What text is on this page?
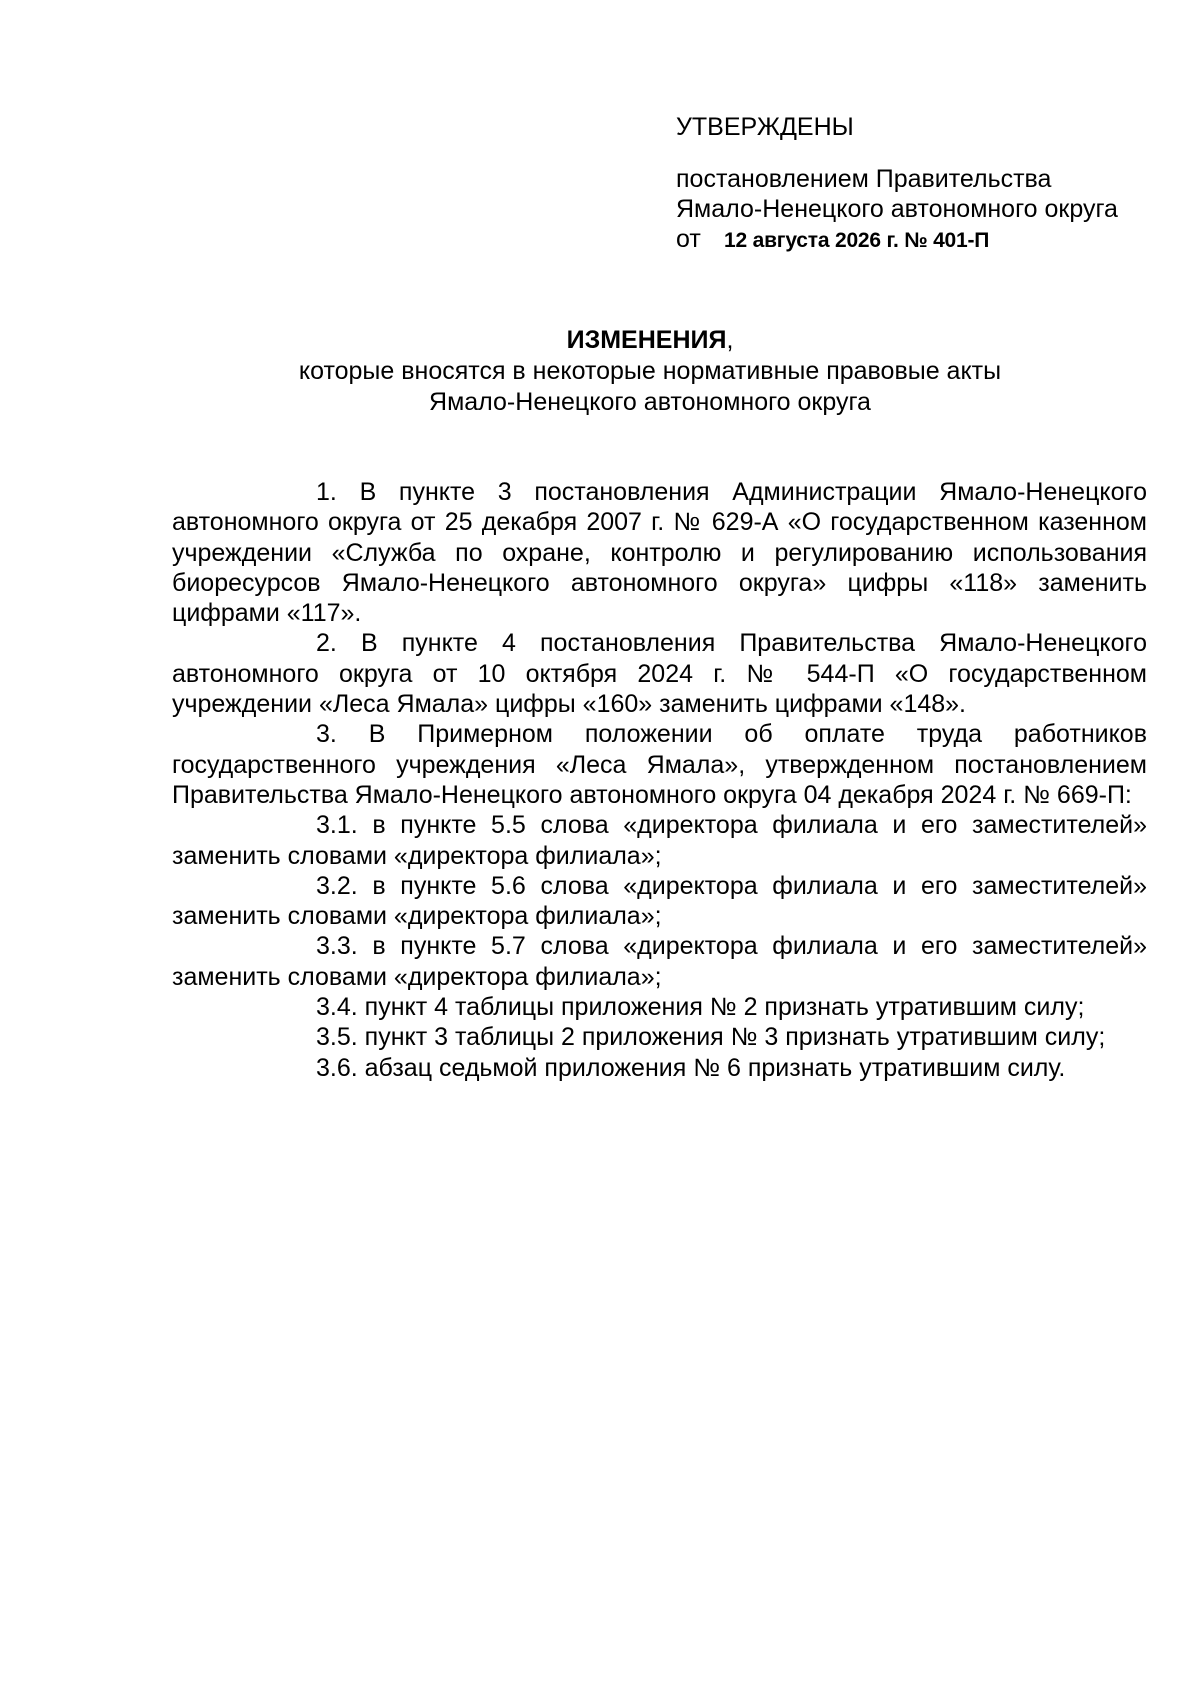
УТВЕРЖДЕНЫ

постановлением Правительства

Ямало-Ненецкого автономного округа

от 12 августа 2026 г. № 401-П

ИЗМЕНЕНИЯ,

которые вносятся в некоторые нормативные правовые акты

Ямало-Ненецкого автономного округа

1. В пункте 3 постановления Администрации Ямало-Ненецкого автономного округа от 25 декабря 2007 г. № 629-А «О государственном казенном учреждении «Служба по охране, контролю и регулированию использования биоресурсов Ямало-Ненецкого автономного округа» цифры «118» заменить цифрами «117».

2. В пункте 4 постановления Правительства Ямало-Ненецкого автономного округа от 10 октября 2024 г. № 544-П «О государственном учреждении «Леса Ямала» цифры «160» заменить цифрами «148».

3. В Примерном положении об оплате труда работников государственного учреждения «Леса Ямала», утвержденном постановлением Правительства Ямало-Ненецкого автономного округа 04 декабря 2024 г. № 669-П:

3.1. в пункте 5.5 слова «директора филиала и его заместителей» заменить словами «директора филиала»;

3.2. в пункте 5.6 слова «директора филиала и его заместителей» заменить словами «директора филиала»;

3.3. в пункте 5.7 слова «директора филиала и его заместителей» заменить словами «директора филиала»;

3.4. пункт 4 таблицы приложения № 2 признать утратившим силу;

3.5. пункт 3 таблицы 2 приложения № 3 признать утратившим силу;

3.6. абзац седьмой приложения № 6 признать утратившим силу.
